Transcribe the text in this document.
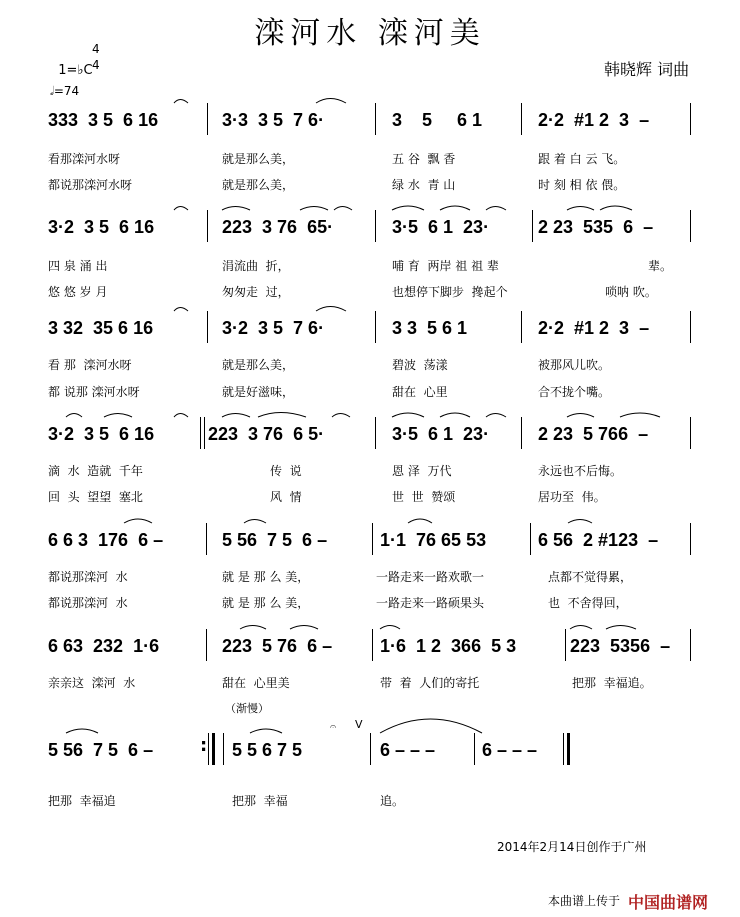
滦河水 滦河美
韩晓辉 词曲

1=♭C

4

4

𝅗𝅥=74
333  3 5  6 16	3·3  3 5  7 6·	3    5     6 1	2·2  #1 2  3  –
看那滦河水呀	就是那么美，	五 谷  飘 香	跟 着 白 云 飞。
都说那滦河水呀	就是那么美，	绿 水  青 山	时 刻 相 依 偎。
3·2  3 5  6 16	223  3 76  65·	3·5  6 1  23·	2 23  535  6  –
四 泉 涌 出	涓流曲  折，	哺 育  两岸 祖 祖 辈	辈。
悠 悠 岁 月	匆匆走  过，	也想停下脚步  搀起个	唢呐 吹。
3 32  35 6 16	3·2  3 5  7 6·	3 3  5 6 1	2·2  #1 2  3  –
看 那  滦河水呀	就是那么美，	碧波  荡漾	被那风儿吹。
都 说那 滦河水呀	就是好滋味，	甜在  心里	合不拢个嘴。
3·2  3 5  6 16	223  3 76  6 5·	3·5  6 1  23·	2 23  5 766  –
滴  水  造就  千年	传  说	恩 泽  万代	永远也不后悔。
回  头  望望  塞北	风  情	世  世  赞颂	居功至  伟。
6 6 3  176  6 –	5 56  7 5  6 –	1·1  76 65 53	6 56  2 #123  –
都说那滦河  水	就 是 那 么 美，	一路走来一路欢歌一	点都不觉得累，
都说那滦河  水	就 是 那 么 美，	一路走来一路硕果头	也  不舍得回，
6 63  232  1·6	223  5 76  6 –	1·6  1 2  366  5 3	223  5356  –
亲亲这  滦河  水	甜在  心里美	带  着  人们的寄托	把那  幸福追。
（渐慢）
5 56  7 5  6 –	5 5 6 7 5	6 – – –	6 – – –
把那  幸福追	把那  幸福	追。
:
V
2014年2月14日创作于广州
本曲谱上传于 中国曲谱网
𝄐
